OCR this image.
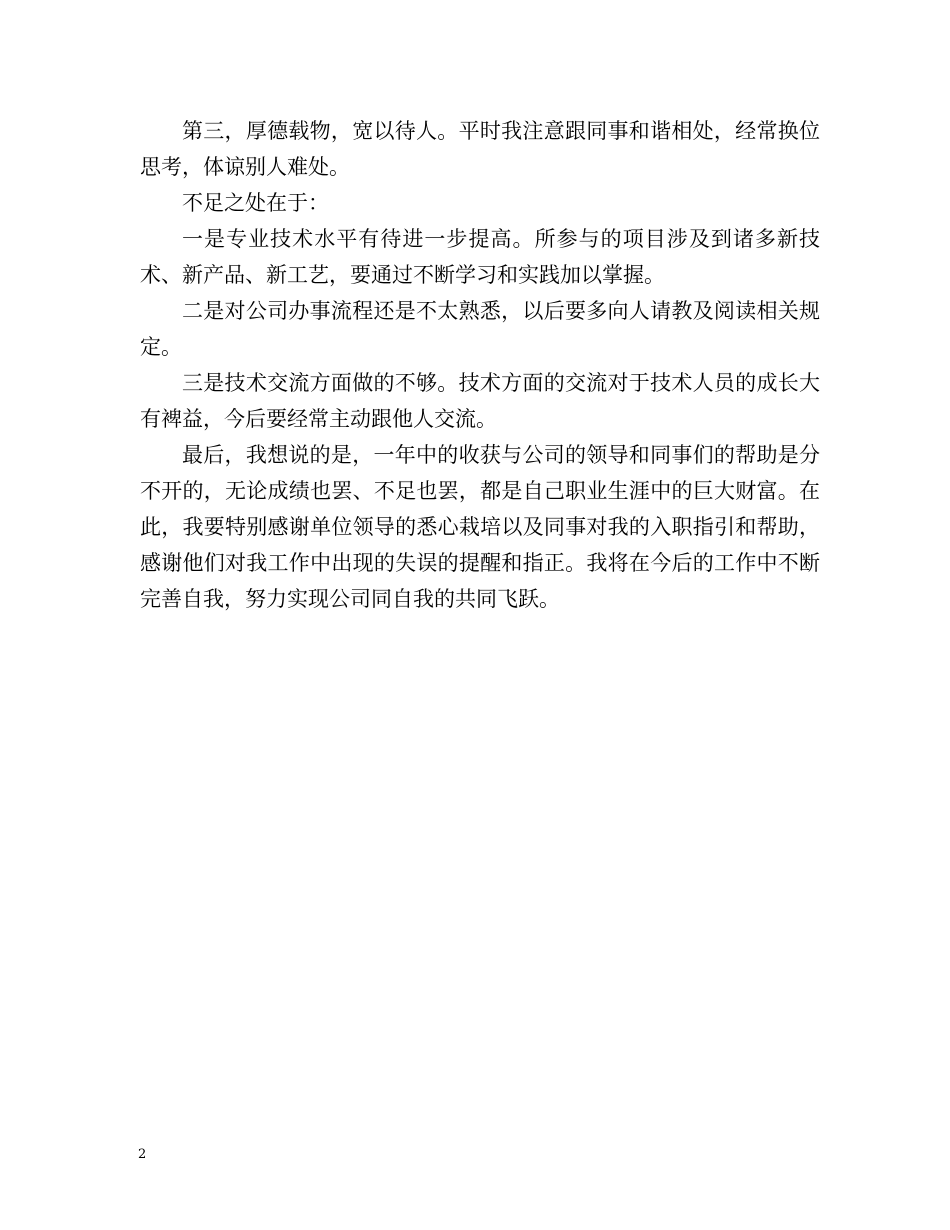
第三，厚德载物，宽以待人。平时我注意跟同事和谐相处，经常换位思考，体谅别人难处。

不足之处在于：

一是专业技术水平有待进一步提高。所参与的项目涉及到诸多新技术、新产品、新工艺，要通过不断学习和实践加以掌握。

二是对公司办事流程还是不太熟悉，以后要多向人请教及阅读相关规定。

三是技术交流方面做的不够。技术方面的交流对于技术人员的成长大有裨益，今后要经常主动跟他人交流。

最后，我想说的是，一年中的收获与公司的领导和同事们的帮助是分不开的，无论成绩也罢、不足也罢，都是自己职业生涯中的巨大财富。在此，我要特别感谢单位领导的悉心栽培以及同事对我的入职指引和帮助，感谢他们对我工作中出现的失误的提醒和指正。我将在今后的工作中不断完善自我，努力实现公司同自我的共同飞跃。

2
